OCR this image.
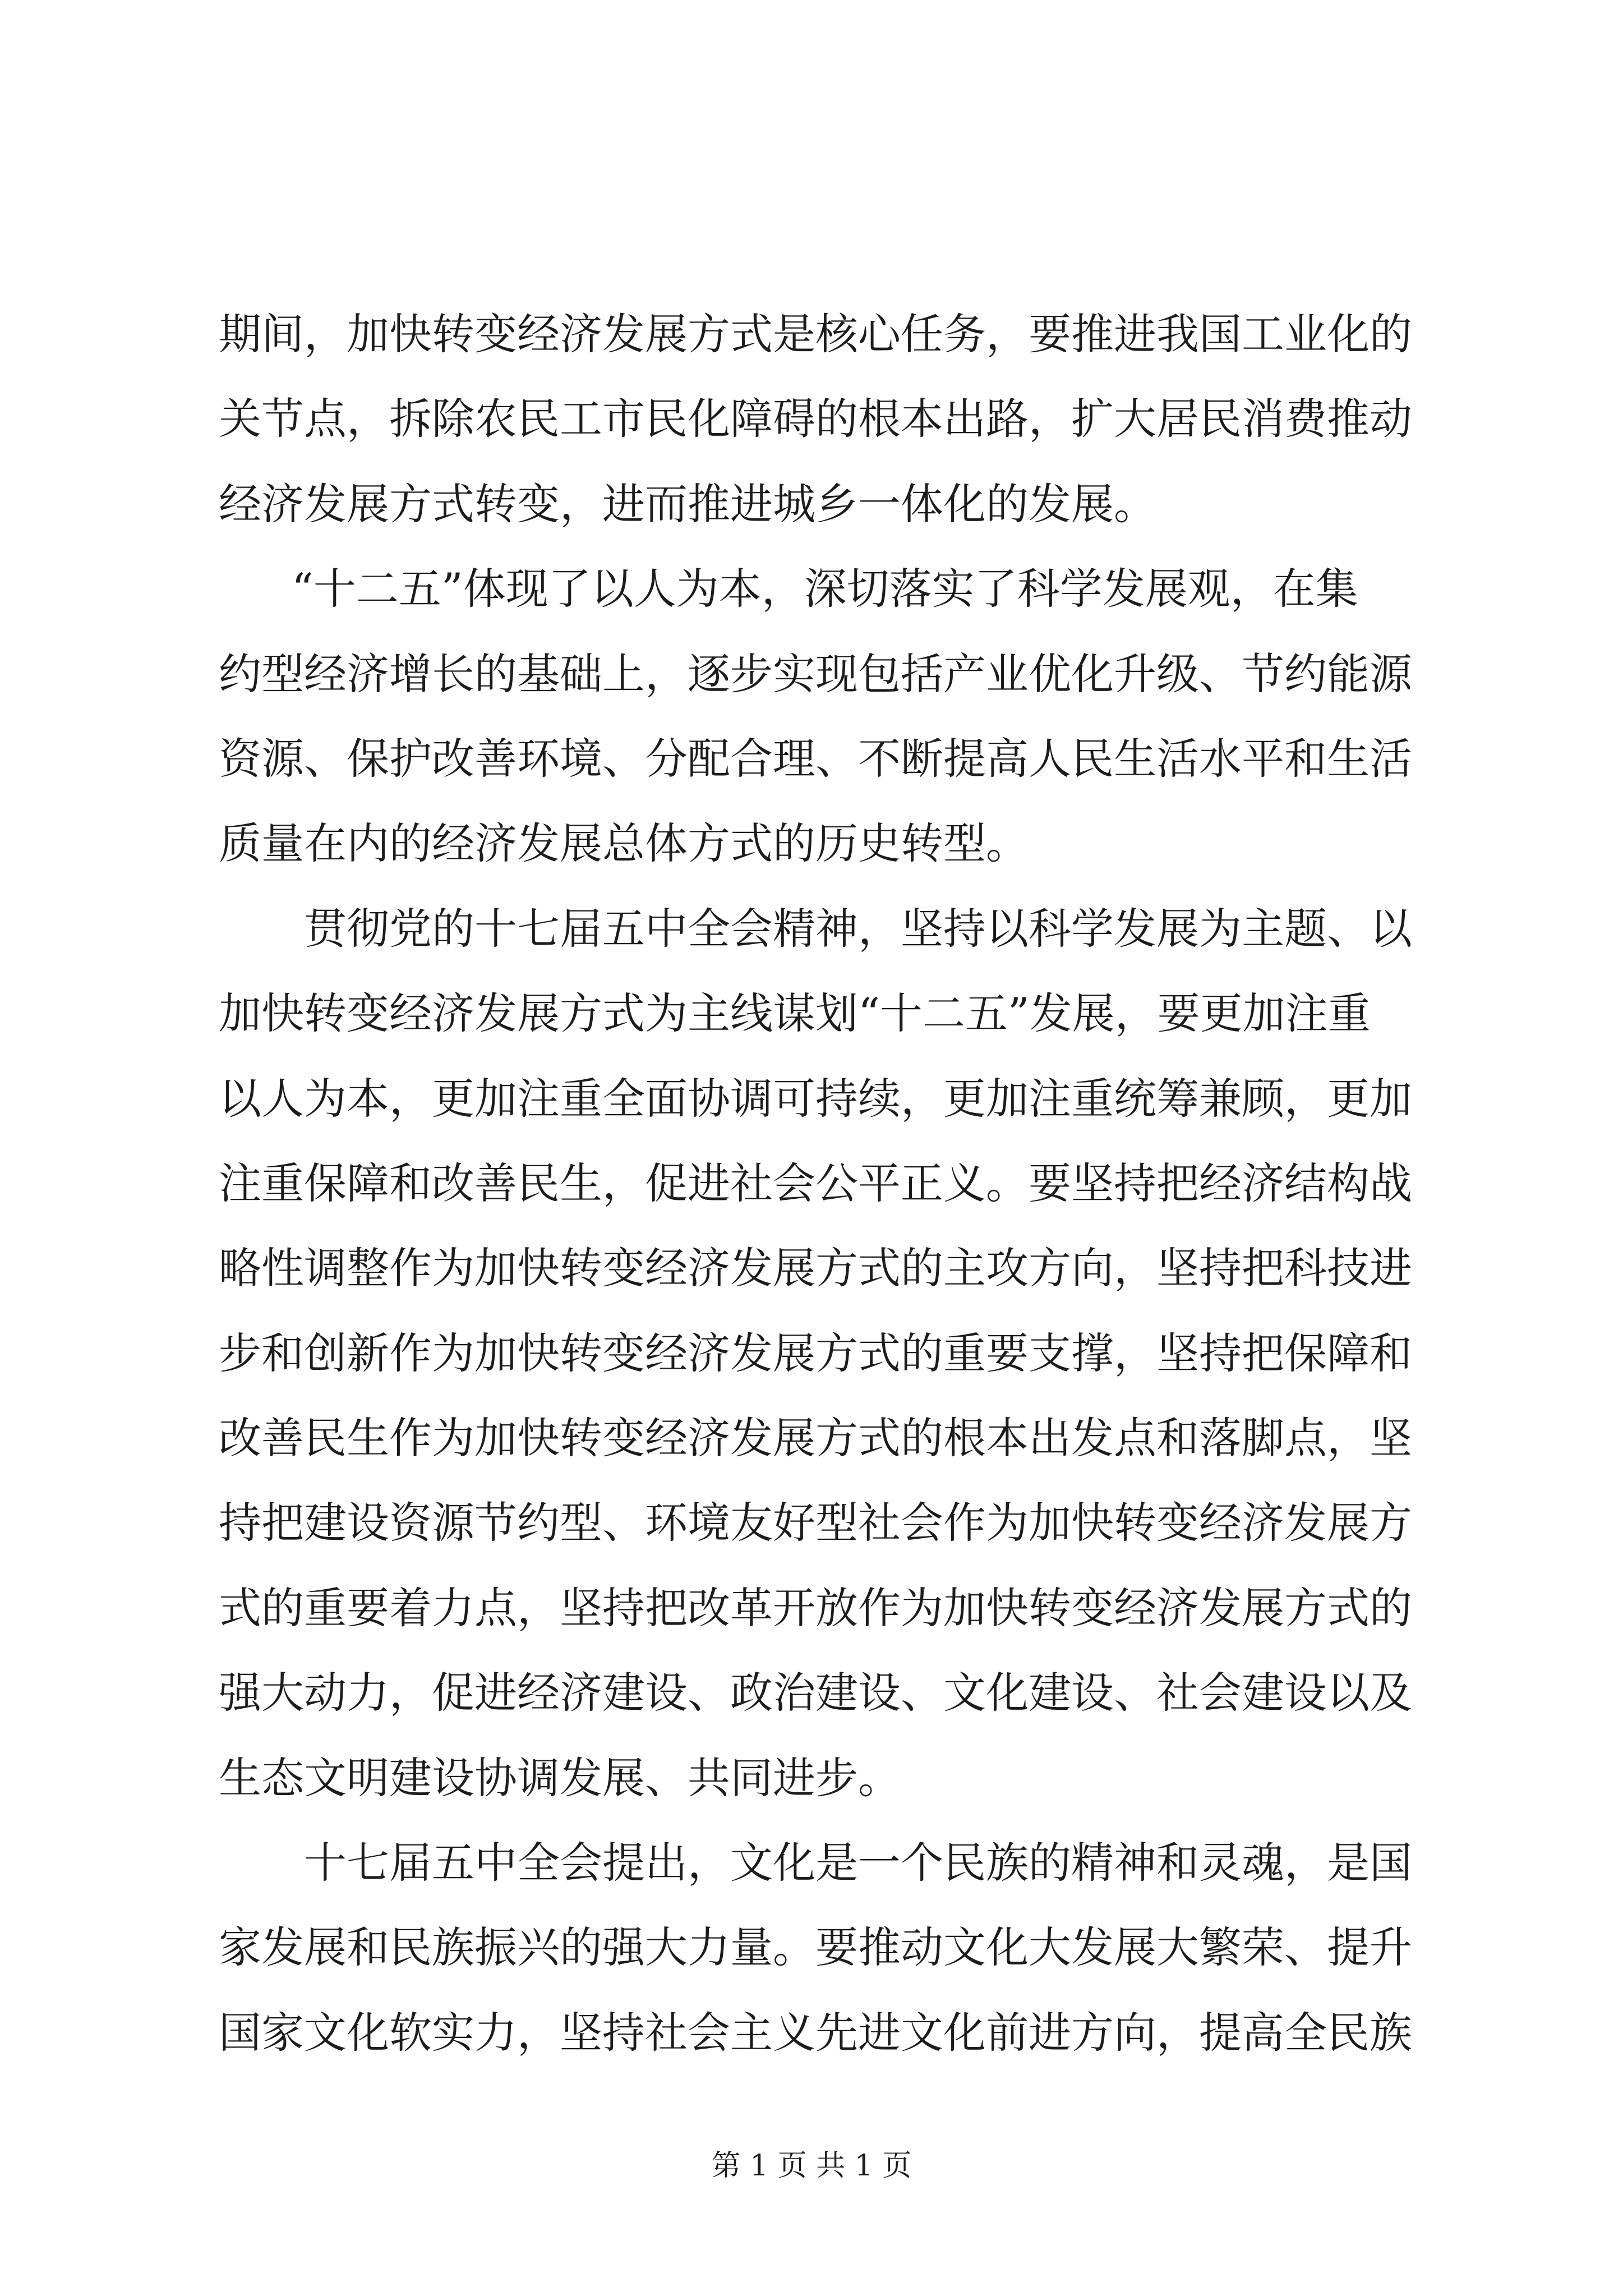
期间，加快转变经济发展方式是核心任务，要推进我国工业化的
关节点，拆除农民工市民化障碍的根本出路，扩大居民消费推动
经济发展方式转变，进而推进城乡一体化的发展。
“十二五”体现了以人为本，深切落实了科学发展观，在集
约型经济增长的基础上，逐步实现包括产业优化升级、节约能源
资源、保护改善环境、分配合理、不断提高人民生活水平和生活
质量在内的经济发展总体方式的历史转型。
贯彻党的十七届五中全会精神，坚持以科学发展为主题、以
加快转变经济发展方式为主线谋划“十二五”发展，要更加注重
以人为本，更加注重全面协调可持续，更加注重统筹兼顾，更加
注重保障和改善民生，促进社会公平正义。要坚持把经济结构战
略性调整作为加快转变经济发展方式的主攻方向，坚持把科技进
步和创新作为加快转变经济发展方式的重要支撑，坚持把保障和
改善民生作为加快转变经济发展方式的根本出发点和落脚点，坚
持把建设资源节约型、环境友好型社会作为加快转变经济发展方
式的重要着力点，坚持把改革开放作为加快转变经济发展方式的
强大动力，促进经济建设、政治建设、文化建设、社会建设以及
生态文明建设协调发展、共同进步。
十七届五中全会提出，文化是一个民族的精神和灵魂，是国
家发展和民族振兴的强大力量。要推动文化大发展大繁荣、提升
国家文化软实力，坚持社会主义先进文化前进方向，提高全民族
第 1 页 共 1 页
